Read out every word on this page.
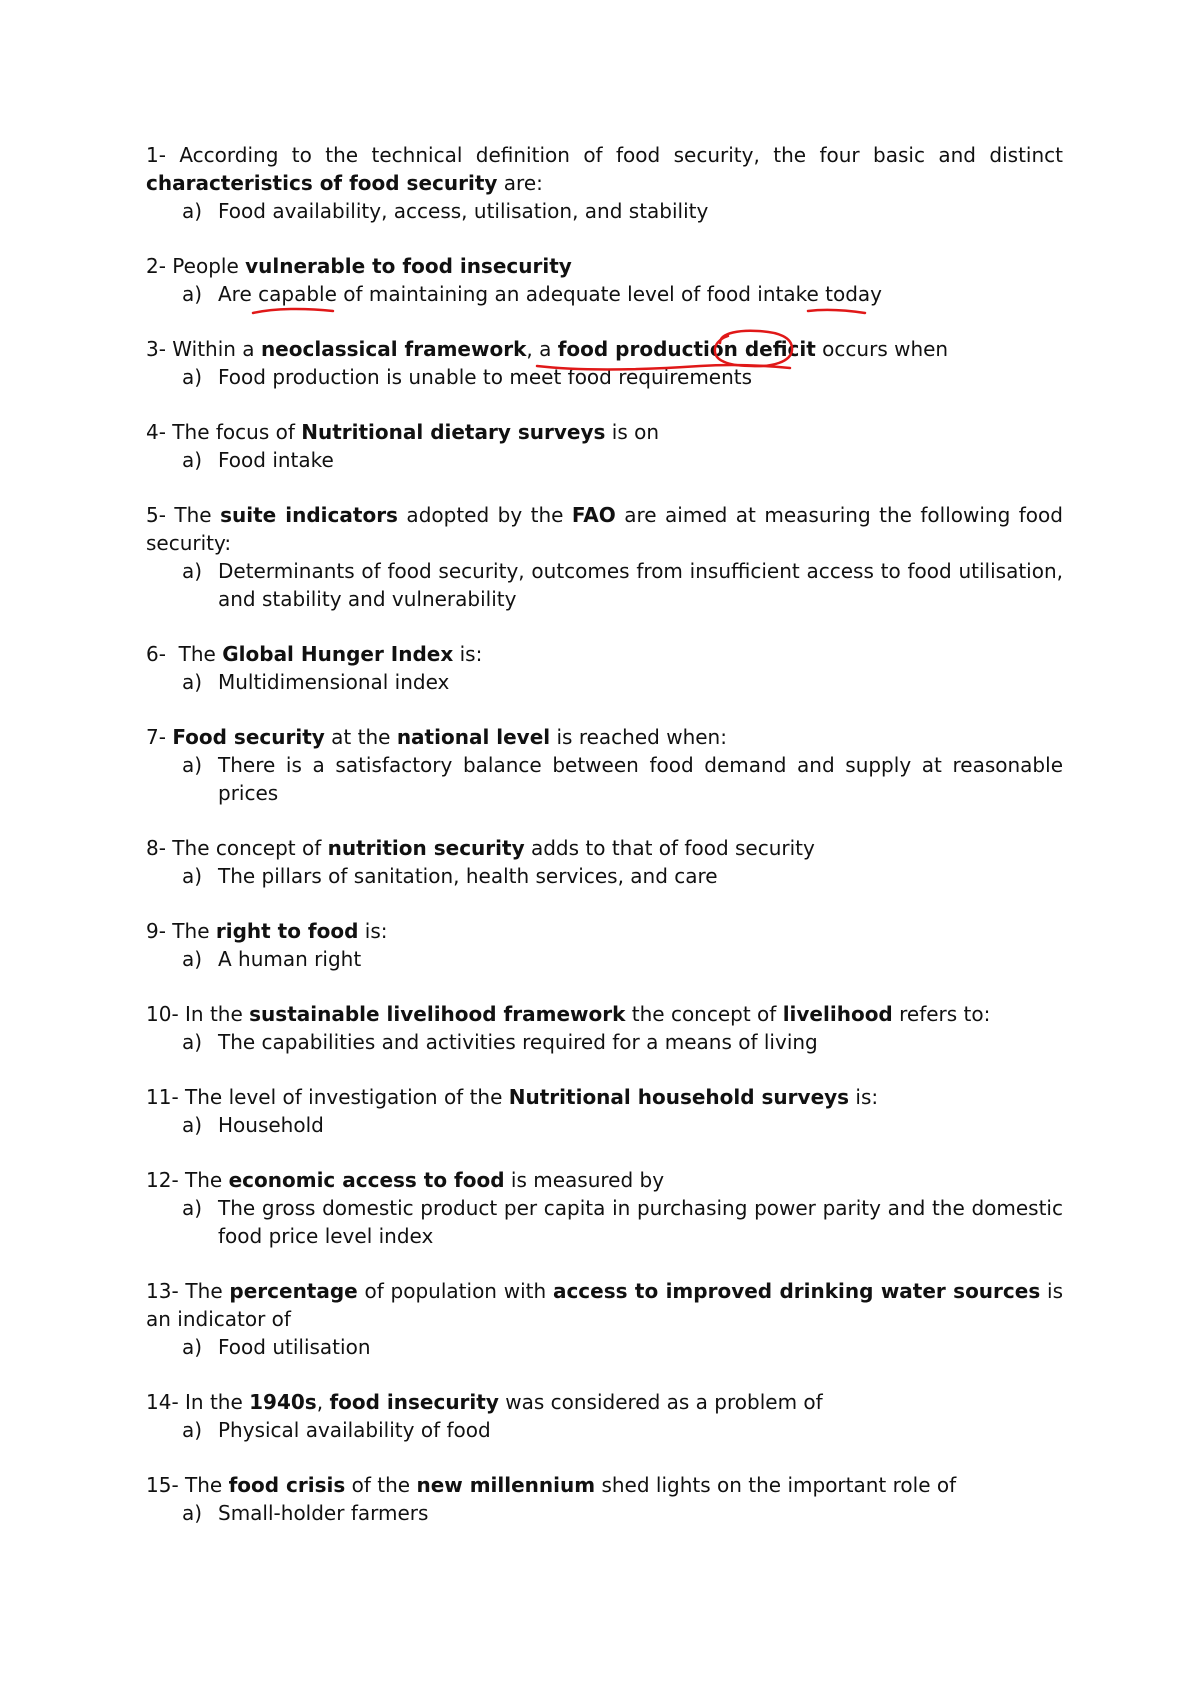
1- According to the technical definition of food security, the four basic and distinct characteristics of food security are:
a) Food availability, access, utilisation, and stability
2- People vulnerable to food insecurity
a) Are capable of maintaining an adequate level of food intake today
3- Within a neoclassical framework, a food production deficit occurs when
a) Food production is unable to meet food requirements
4- The focus of Nutritional dietary surveys is on
a) Food intake
5- The suite indicators adopted by the FAO are aimed at measuring the following food security:
a) Determinants of food security, outcomes from insufficient access to food utilisation, and stability and vulnerability
6-  The Global Hunger Index is:
a) Multidimensional index
7- Food security at the national level is reached when:
a) There is a satisfactory balance between food demand and supply at reasonable prices
8- The concept of nutrition security adds to that of food security
a) The pillars of sanitation, health services, and care
9- The right to food is:
a) A human right
10- In the sustainable livelihood framework the concept of livelihood refers to:
a) The capabilities and activities required for a means of living
11- The level of investigation of the Nutritional household surveys is:
a) Household
12- The economic access to food is measured by
a) The gross domestic product per capita in purchasing power parity and the domestic food price level index
13- The percentage of population with access to improved drinking water sources is an indicator of
a) Food utilisation
14- In the 1940s, food insecurity was considered as a problem of
a) Physical availability of food
15- The food crisis of the new millennium shed lights on the important role of
a) Small-holder farmers
